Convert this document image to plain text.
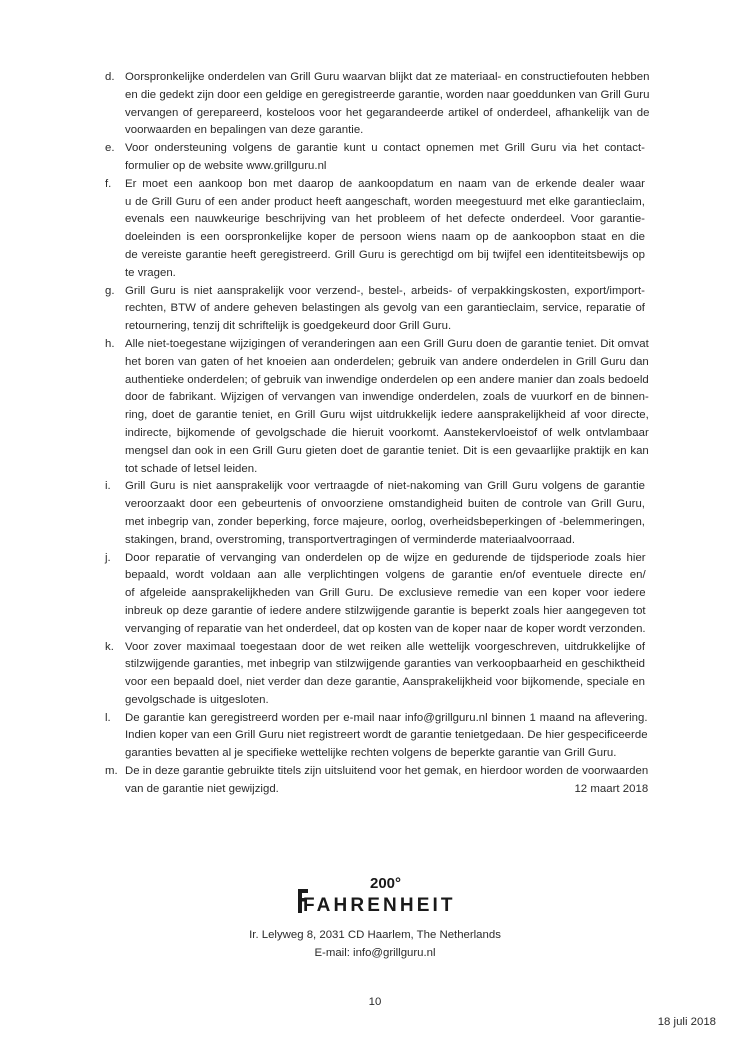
d. Oorspronkelijke onderdelen van Grill Guru waarvan blijkt dat ze materiaal- en constructiefouten hebben
en die gedekt zijn door een geldige en geregistreerde garantie, worden naar goeddunken van Grill Guru
vervangen of gerepareerd, kosteloos voor het gegarandeerde artikel of onderdeel, afhankelijk van de
voorwaarden en bepalingen van deze garantie.
e. Voor ondersteuning volgens de garantie kunt u contact opnemen met Grill Guru via het contact-
formulier op de website www.grillguru.nl
f.	Er moet een aankoop bon met daarop de aankoopdatum en naam van de erkende dealer waar
u de Grill Guru of een ander product heeft aangeschaft, worden meegestuurd met elke garantieclaim,
evenals een nauwkeurige beschrijving van het probleem of het defecte onderdeel. Voor garantie-
doeleinden is een oorspronkelijke koper de persoon wiens naam op de aankoopbon staat en die
de vereiste garantie heeft geregistreerd. Grill Guru is gerechtigd om bij twijfel een identiteitsbewijs op
te vragen.
g. Grill Guru is niet aansprakelijk voor verzend-, bestel-, arbeids- of verpakkingskosten, export/import-
rechten, BTW of andere geheven belastingen als gevolg van een garantieclaim, service, reparatie of
retournering, tenzij dit schriftelijk is goedgekeurd door Grill Guru.
h. Alle niet-toegestane wijzigingen of veranderingen aan een Grill Guru doen de garantie teniet. Dit omvat
het boren van gaten of het knoeien aan onderdelen; gebruik van andere onderdelen in Grill Guru dan
authentieke onderdelen; of gebruik van inwendige onderdelen op een andere manier dan zoals bedoeld
door de fabrikant. Wijzigen of vervangen van inwendige onderdelen, zoals de vuurkorf en de binnen-
ring, doet de garantie teniet, en Grill Guru wijst uitdrukkelijk iedere aansprakelijkheid af voor directe,
indirecte, bijkomende of gevolgschade die hieruit voorkomt. Aanstekervloeistof of welk ontvlambaar
mengsel dan ook in een Grill Guru gieten doet de garantie teniet. Dit is een gevaarlijke praktijk en kan
tot schade of letsel leiden.
i.	Grill Guru is niet aansprakelijk voor vertraagde of niet-nakoming van Grill Guru volgens de garantie
veroorzaakt door een gebeurtenis of onvoorziene omstandigheid buiten de controle van Grill Guru,
met inbegrip van, zonder beperking, force majeure, oorlog, overheidsbeperkingen of -belemmeringen,
stakingen, brand, overstroming, transportvertragingen of verminderde materiaalvoorraad.
j.	Door reparatie of vervanging van onderdelen op de wijze en gedurende de tijdsperiode zoals hier
bepaald, wordt voldaan aan alle verplichtingen volgens de garantie en/of eventuele directe en/
of afgeleide aansprakelijkheden van Grill Guru. De exclusieve remedie van een koper voor iedere
inbreuk op deze garantie of iedere andere stilzwijgende garantie is beperkt zoals hier aangegeven tot
vervanging of reparatie van het onderdeel, dat op kosten van de koper naar de koper wordt verzonden.
k. Voor zover maximaal toegestaan door de wet reiken alle wettelijk voorgeschreven, uitdrukkelijke of
stilzwijgende garanties, met inbegrip van stilzwijgende garanties van verkoopbaarheid en geschiktheid
voor een bepaald doel, niet verder dan deze garantie, Aansprakelijkheid voor bijkomende, speciale en
gevolgschade is uitgesloten.
l.	De garantie kan geregistreerd worden per e-mail naar info@grillguru.nl binnen 1 maand na aflevering.
Indien koper van een Grill Guru niet registreert wordt de garantie tenietgedaan. De hier gespecificeerde
garanties bevatten al je specifieke wettelijke rechten volgens de beperkte garantie van Grill Guru.
m. De in deze garantie gebruikte titels zijn uitsluitend voor het gemak, en hierdoor worden de voorwaarden
van de garantie niet gewijzigd.	12 maart 2018
200°
FAHRENHEIT
Ir. Lelyweg 8, 2031 CD Haarlem, The Netherlands
E-mail: info@grillguru.nl
10
18 juli 2018
